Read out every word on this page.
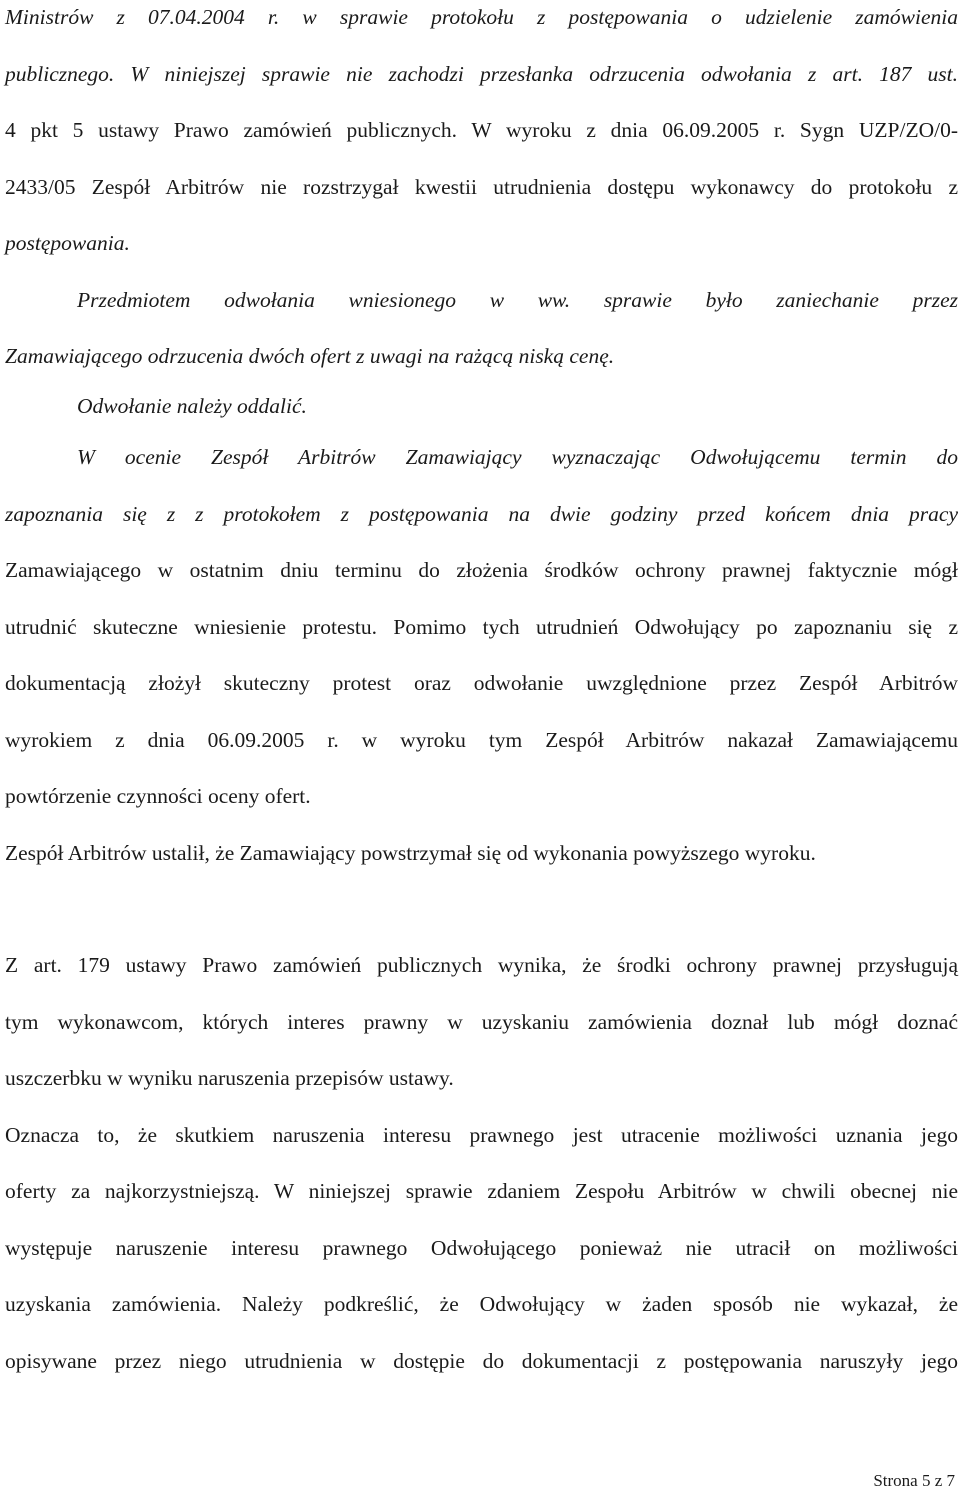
Ministrów z 07.04.2004 r. w sprawie protokołu z postępowania o udzielenie zamówienia
publicznego. W niniejszej sprawie nie zachodzi przesłanka odrzucenia odwołania z art. 187 ust.
4 pkt 5 ustawy Prawo zamówień publicznych. W wyroku z dnia 06.09.2005 r. Sygn UZP/ZO/0-
2433/05 Zespół Arbitrów nie rozstrzygał kwestii utrudnienia dostępu wykonawcy do protokołu z
postępowania.
Przedmiotem odwołania wniesionego w ww. sprawie było zaniechanie przez
Zamawiającego odrzucenia dwóch ofert z uwagi na rażącą niską cenę.
Odwołanie należy oddalić.
W ocenie Zespół Arbitrów Zamawiający wyznaczając Odwołującemu termin do
zapoznania się z z protokołem z postępowania na dwie godziny przed końcem dnia pracy
Zamawiającego w ostatnim dniu terminu do złożenia środków ochrony prawnej faktycznie mógł
utrudnić skuteczne wniesienie protestu. Pomimo tych utrudnień Odwołujący po zapoznaniu się z
dokumentacją złożył skuteczny protest oraz odwołanie uwzględnione przez Zespół Arbitrów
wyrokiem z dnia 06.09.2005 r. w wyroku tym Zespół Arbitrów nakazał Zamawiającemu
powtórzenie czynności oceny ofert.
Zespół Arbitrów ustalił, że Zamawiający powstrzymał się od wykonania powyższego wyroku.
Z art. 179 ustawy Prawo zamówień publicznych wynika, że środki ochrony prawnej przysługują
tym wykonawcom, których interes prawny w uzyskaniu zamówienia doznał lub mógł doznać
uszczerbku w wyniku naruszenia przepisów ustawy.
Oznacza to, że skutkiem naruszenia interesu prawnego jest utracenie możliwości uznania jego
oferty za najkorzystniejszą. W niniejszej sprawie zdaniem Zespołu Arbitrów w chwili obecnej nie
występuje naruszenie interesu prawnego Odwołującego ponieważ nie utracił on możliwości
uzyskania zamówienia. Należy podkreślić, że Odwołujący w żaden sposób nie wykazał, że
opisywane przez niego utrudnienia w dostępie do dokumentacji z postępowania naruszyły jego
Strona 5 z 7
